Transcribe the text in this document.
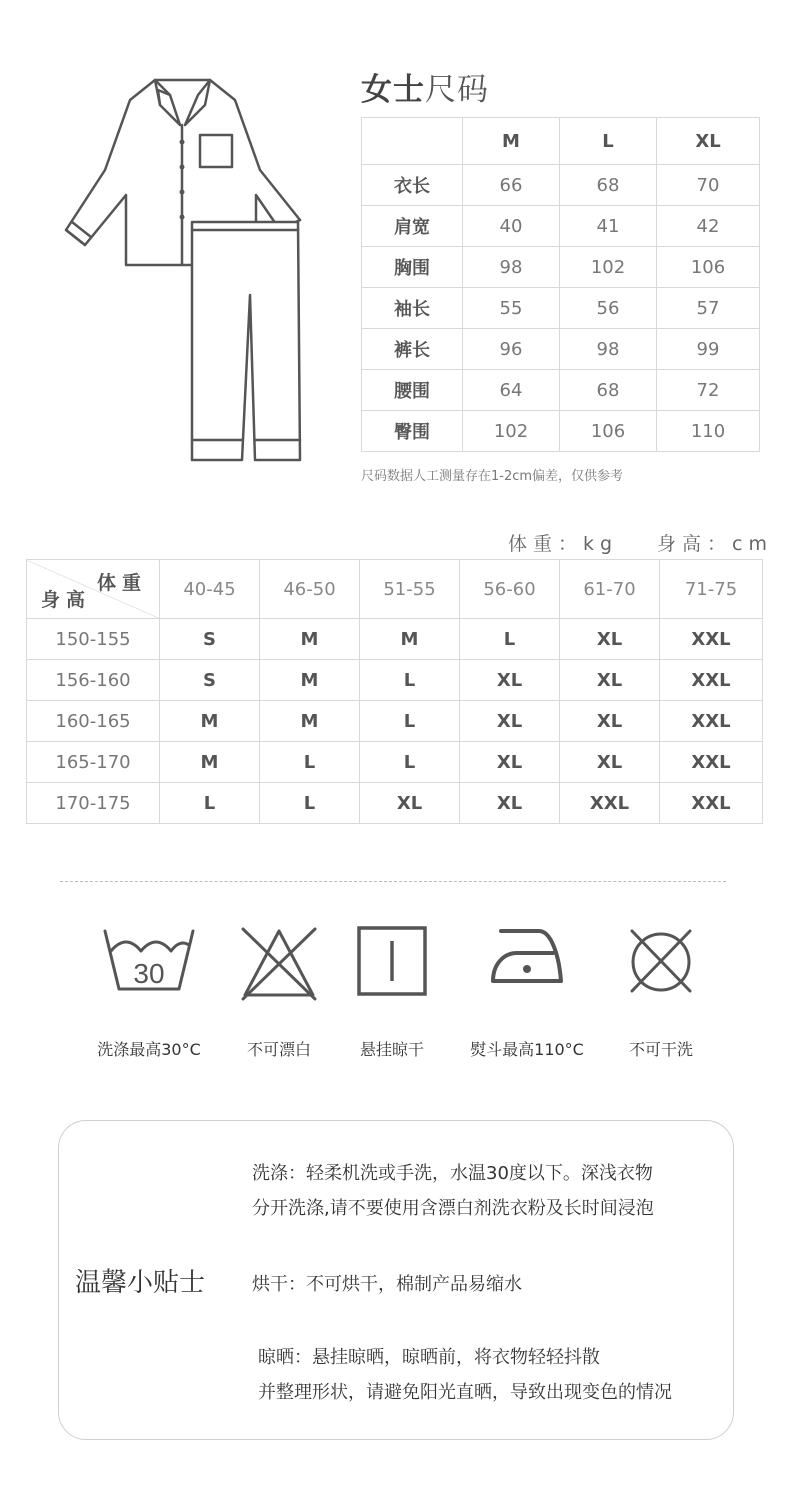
女士尺码
	M	L	XL
衣长	66	68	70
肩宽	40	41	42
胸围	98	102	106
袖长	55	56	57
裤长	96	98	99
腰围	64	68	72
臀围	102	106	110
尺码数据人工测量存在1-2cm偏差，仅供参考
体重：kg 身高：cm
体重
身高	40-45	46-50	51-55	56-60	61-70	71-75
150-155	S	M	M	L	XL	XXL
156-160	S	M	L	XL	XL	XXL
160-165	M	M	L	XL	XL	XXL
165-170	M	L	L	XL	XL	XXL
170-175	L	L	XL	XL	XXL	XXL
30
洗涤最高30°C	不可漂白	悬挂晾干	熨斗最高110°C	不可干洗
温馨小贴士
洗涤：轻柔机洗或手洗，水温30度以下。深浅衣物
分开洗涤,请不要使用含漂白剂洗衣粉及长时间浸泡
烘干：不可烘干，棉制产品易缩水
晾晒：悬挂晾晒，晾晒前，将衣物轻轻抖散
并整理形状，请避免阳光直晒，导致出现变色的情况
